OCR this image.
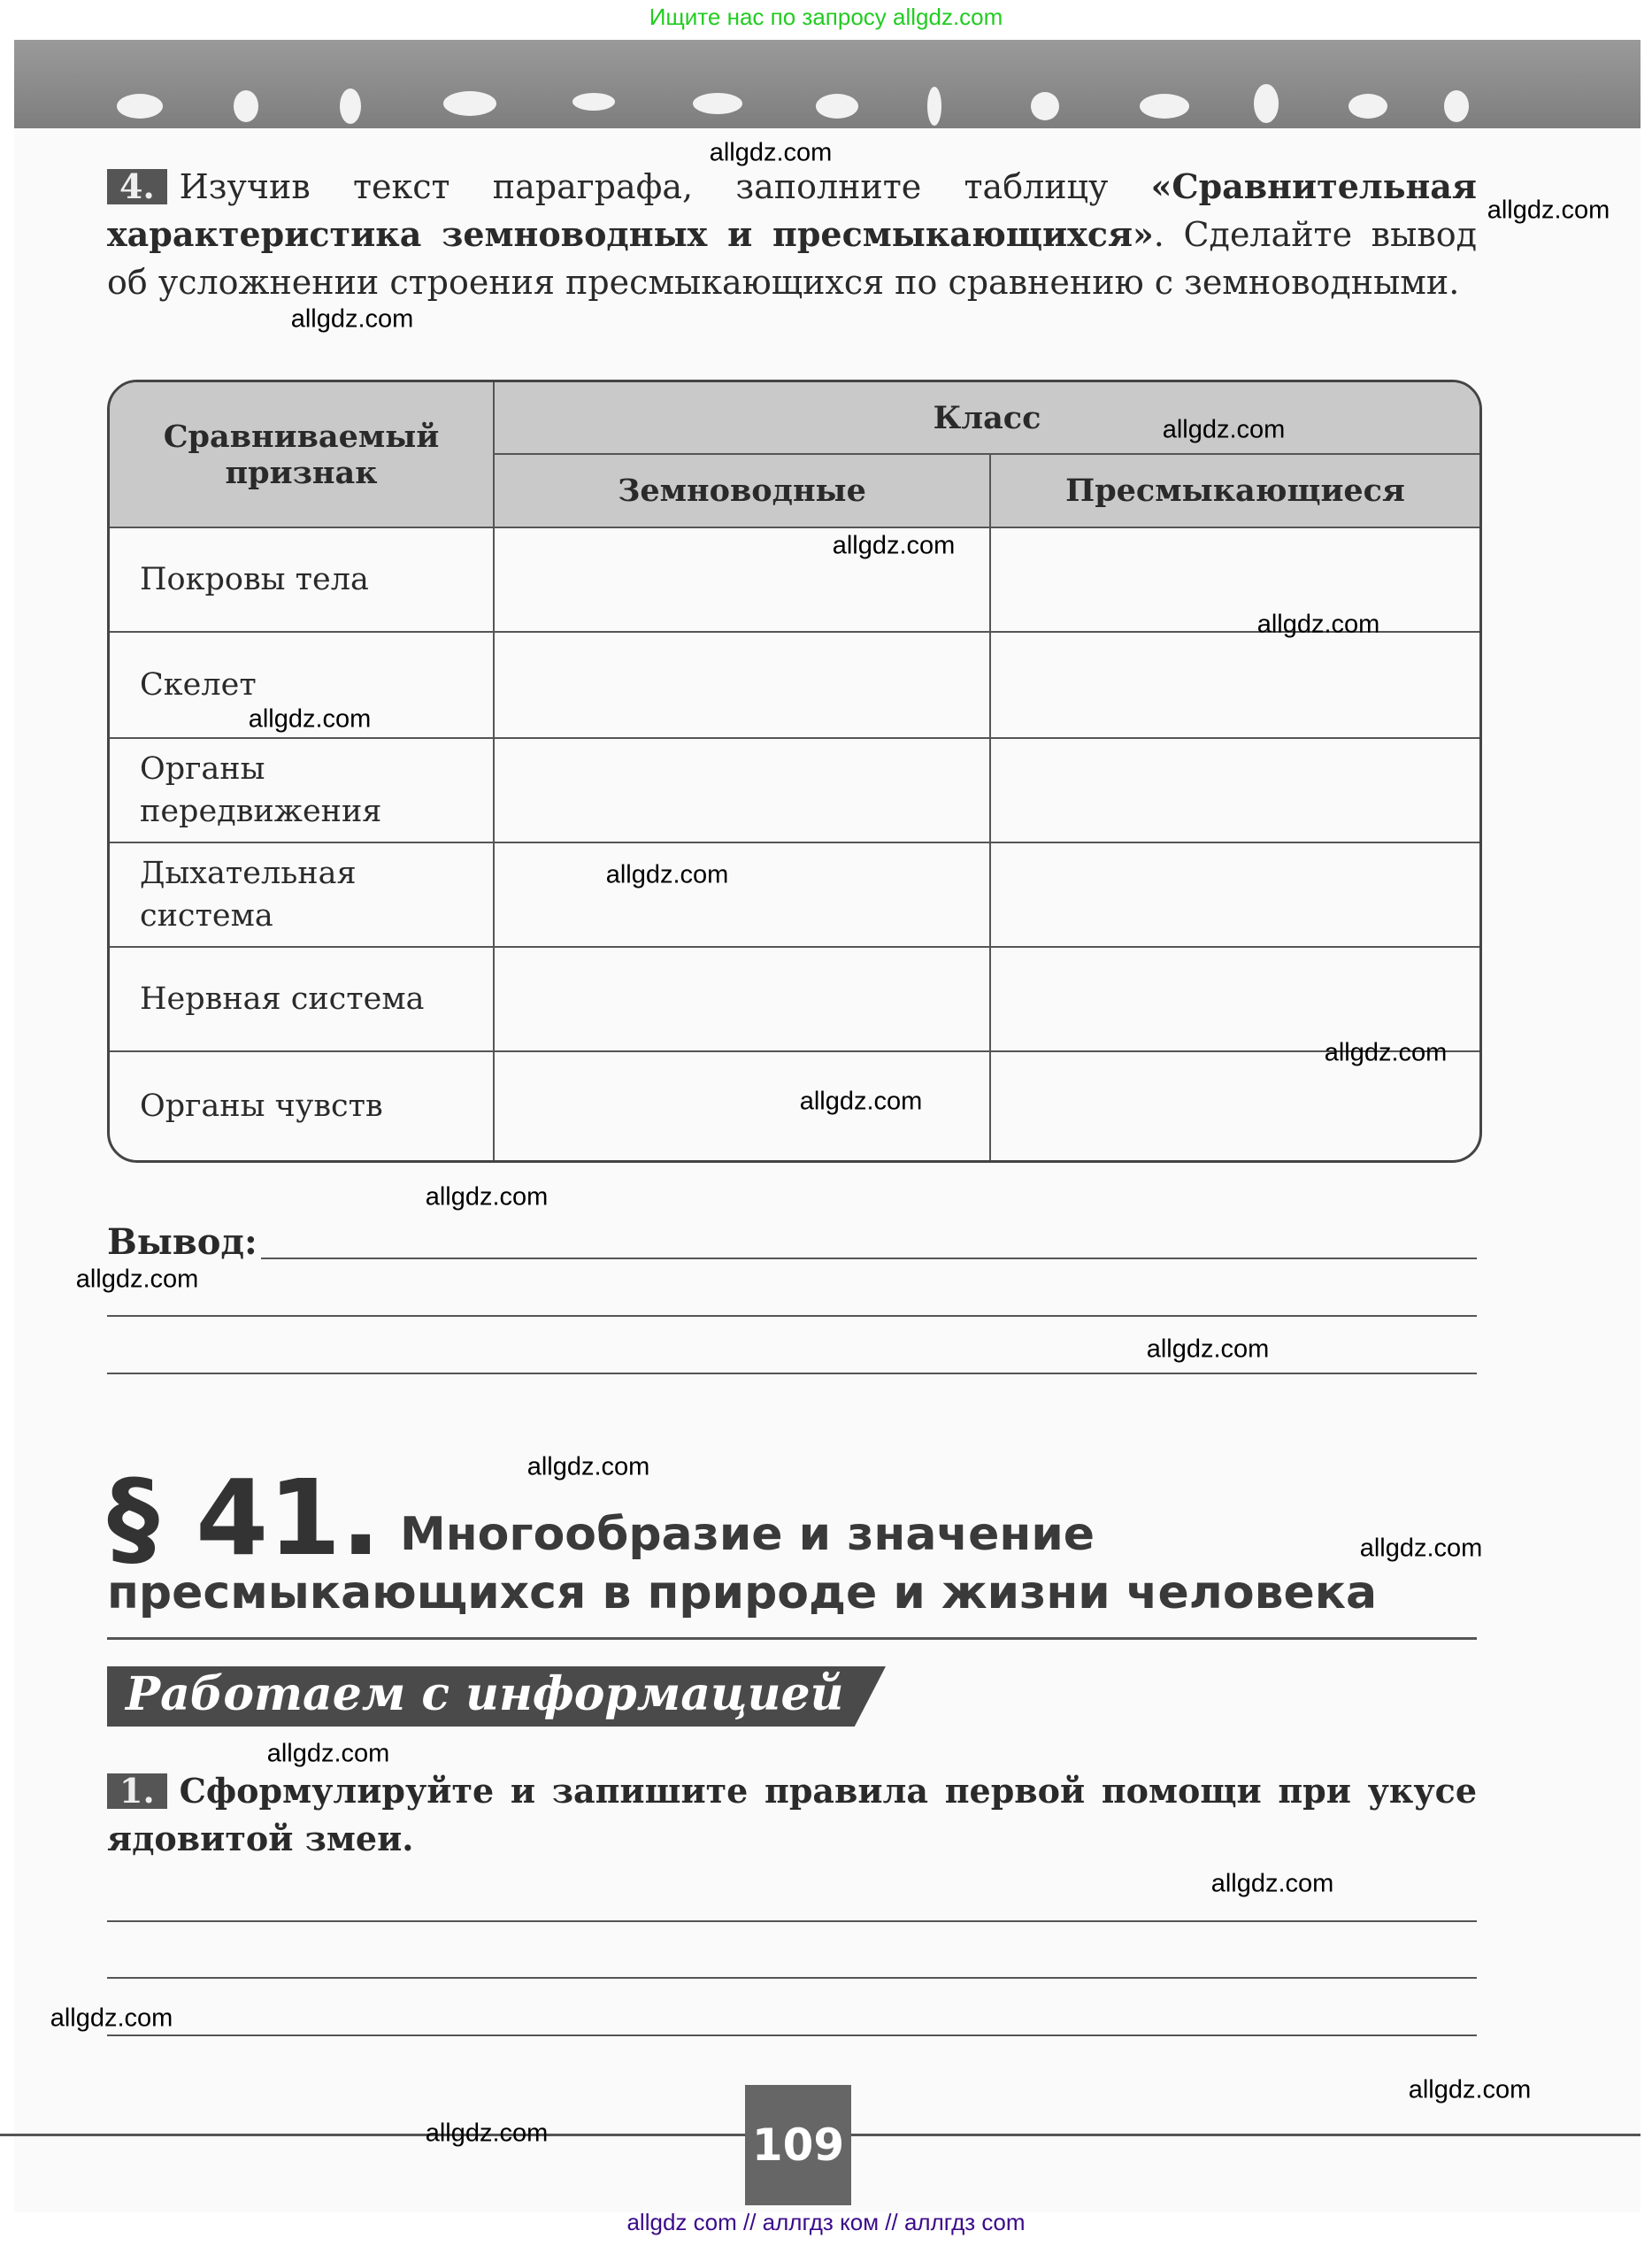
Ищите нас по запросу allgdz.com
4. Изучив текст параграфа, заполните таблицу «Сравнительная характеристика земноводных и пресмыкающихся». Сделайте вывод об усложнении строения пресмыкающихся по сравнению с земноводными.
Сравниваемый признак	Класс	
	Земноводные	Пресмыкающиеся
Покровы тела		
Скелет		
Органы передвижения		
Дыхательная система		
Нервная система		
Органы чувств		
Вывод:
§ 41. Многообразие и значение
пресмыкающихся в природе и жизни человека
Работаем с информацией
1. Сформулируйте и запишите правила первой помощи при укусе ядовитой змеи.
109
allgdz com // аллгдз ком // аллгдз com
allgdz.com
allgdz.com
allgdz.com
allgdz.com
allgdz.com
allgdz.com
allgdz.com
allgdz.com
allgdz.com
allgdz.com
allgdz.com
allgdz.com
allgdz.com
allgdz.com
allgdz.com
allgdz.com
allgdz.com
allgdz.com
allgdz.com
allgdz.com
